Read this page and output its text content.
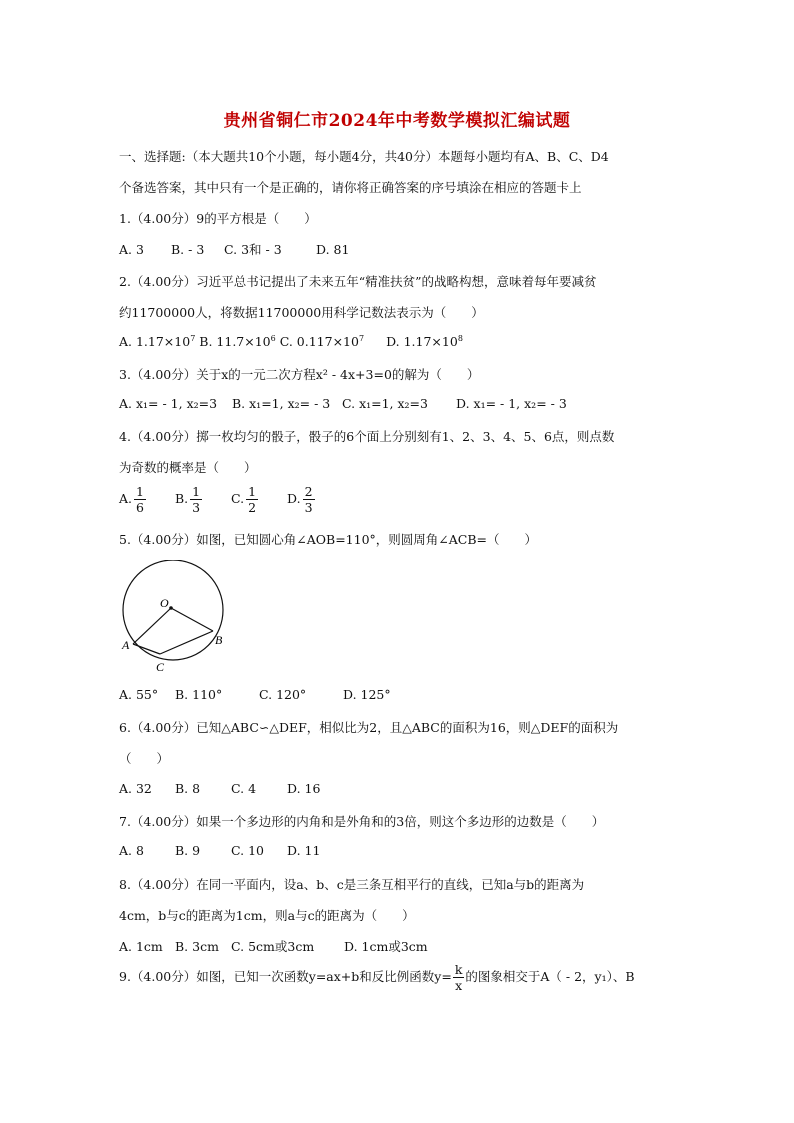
贵州省铜仁市2024年中考数学模拟汇编试题
一、选择题:（本大题共10个小题，每小题4分，共40分）本题每小题均有A、B、C、D4
个备选答案，其中只有一个是正确的，请你将正确答案的序号填涂在相应的答题卡上
1.（4.00分）9的平方根是（　　）
A. 3 B. - 3 C. 3和 - 3	D. 81
2.（4.00分）习近平总书记提出了未来五年“精准扶贫”的战略构想，意味着每年要减贫
约11700000人，将数据11700000用科学记数法表示为（　　）
A. $1.17\times 10^7$ B. $11.7\times 10^6$ C. $0.117\times 10^7$ D. $1.17\times 10^8$
3.（4.00分）关于x的一元二次方程x² - 4x+3=0的解为（　　）
A. x₁= - 1, x₂=3 B. x₁=1, x₂= - 3 C. x₁=1, x₂=3 D. x₁= - 1, x₂= - 3
4.（4.00分）掷一枚均匀的骰子，骰子的6个面上分别刻有1、2、3、4、5、6点，则点数
为奇数的概率是（　　）
A. $\frac{1}{6} B$. $\frac{1}{3} C$. $\frac{1}{2} D$. $\frac{2}{3}$
5.（4.00分）如图，已知圆心角∠AOB=110°，则圆周角∠ACB=（　　）
O
A	B
C
A. 55° B. 110°	C. 120°	D. 125°
6.（4.00分）已知△ABC∽△DEF，相似比为2，且△ABC的面积为16，则△DEF的面积为
（　　）
A. 32 B. 8 C. 4 D. 16
7.（4.00分）如果一个多边形的内角和是外角和的3倍，则这个多边形的边数是（　　）
A. 8 B. 9 C. 10 D. 11
8.（4.00分）在同一平面内，设a、b、c是三条互相平行的直线，已知a与b的距离为
4cm，b与c的距离为1cm，则a与c的距离为（　　）
A. 1cm B. 3cm C. 5cm或3cm D. 1cm或3cm
9.（4.00分）如图，已知一次函数y=ax+b和反比例函数$y= \frac{k}{x}$ 的图象相交于A（ - 2，y₁）、B
